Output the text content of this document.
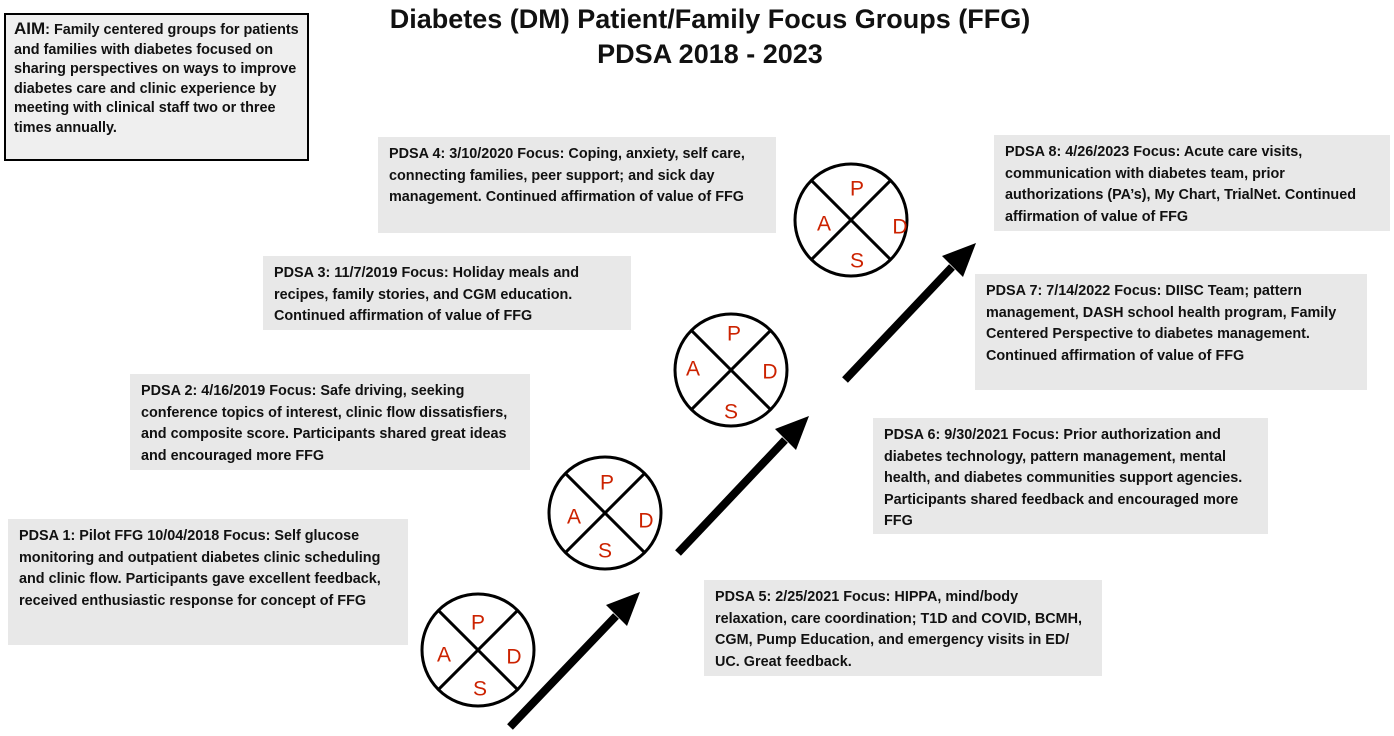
Diabetes (DM) Patient/Family Focus Groups (FFG)
PDSA 2018 - 2023
AIM: Family centered groups for patients and families with diabetes focused on sharing perspectives on ways to improve diabetes care and clinic experience by meeting with clinical staff two or three times annually.
PDSA 1: Pilot FFG 10/04/2018 Focus: Self glucose monitoring and outpatient diabetes clinic scheduling and clinic flow. Participants gave excellent feedback, received enthusiastic response for concept of FFG
PDSA 2: 4/16/2019 Focus: Safe driving, seeking conference topics of interest, clinic flow dissatisfiers, and composite score. Participants shared great ideas and encouraged more FFG
PDSA 3: 11/7/2019 Focus: Holiday meals and recipes, family stories, and CGM education. Continued affirmation of value of FFG
PDSA 4: 3/10/2020 Focus: Coping, anxiety, self care, connecting families, peer support; and sick day management. Continued affirmation of value of FFG
PDSA 5: 2/25/2021 Focus: HIPPA, mind/body relaxation, care coordination; T1D and COVID, BCMH, CGM, Pump Education, and emergency visits in ED/ UC. Great feedback.
PDSA 6: 9/30/2021 Focus: Prior authorization and diabetes technology, pattern management, mental health, and diabetes communities support agencies. Participants shared feedback and encouraged more FFG
PDSA 7: 7/14/2022 Focus: DIISC Team; pattern management, DASH school health program, Family Centered Perspective to diabetes management. Continued affirmation of value of FFG
PDSA 8: 4/26/2023 Focus: Acute care visits, communication with diabetes team, prior authorizations (PA’s), My Chart, TrialNet. Continued affirmation of value of FFG
P
D
S
A
P
D
S
A
P
D
S
A
P
D
S
A
